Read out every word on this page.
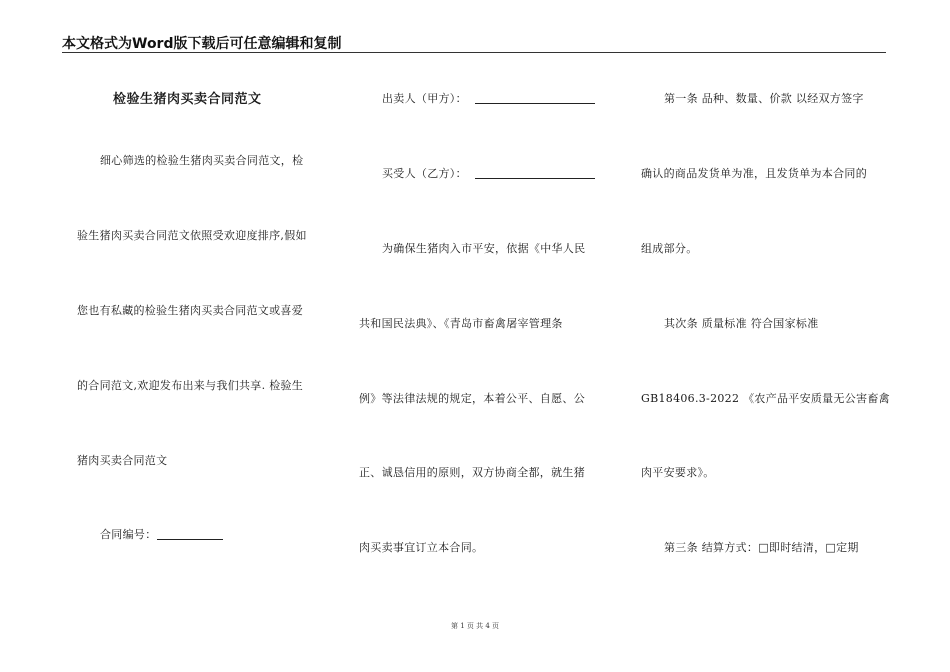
本文格式为Word版下载后可任意编辑和复制
检验生猪肉买卖合同范文
细心筛选的检验生猪肉买卖合同范文，检
验生猪肉买卖合同范文依照受欢迎度排序,假如
您也有私藏的检验生猪肉买卖合同范文或喜爱
的合同范文,欢迎发布出来与我们共享. 检验生
猪肉买卖合同范文
合同编号：
出卖人（甲方）：
买受人（乙方）：
为确保生猪肉入市平安，依据《中华人民
共和国民法典》、《青岛市畜禽屠宰管理条
例》等法律法规的规定，本着公平、自愿、公
正、诚恳信用的原则，双方协商全都，就生猪
肉买卖事宜订立本合同。
第一条 品种、数量、价款 以经双方签字
确认的商品发货单为准，且发货单为本合同的
组成部分。
其次条 质量标准 符合国家标准
GB18406.3-2022 《农产品平安质量无公害畜禽
肉平安要求》。
第三条 结算方式：□即时结清，□定期
第 1 页 共 4 页
